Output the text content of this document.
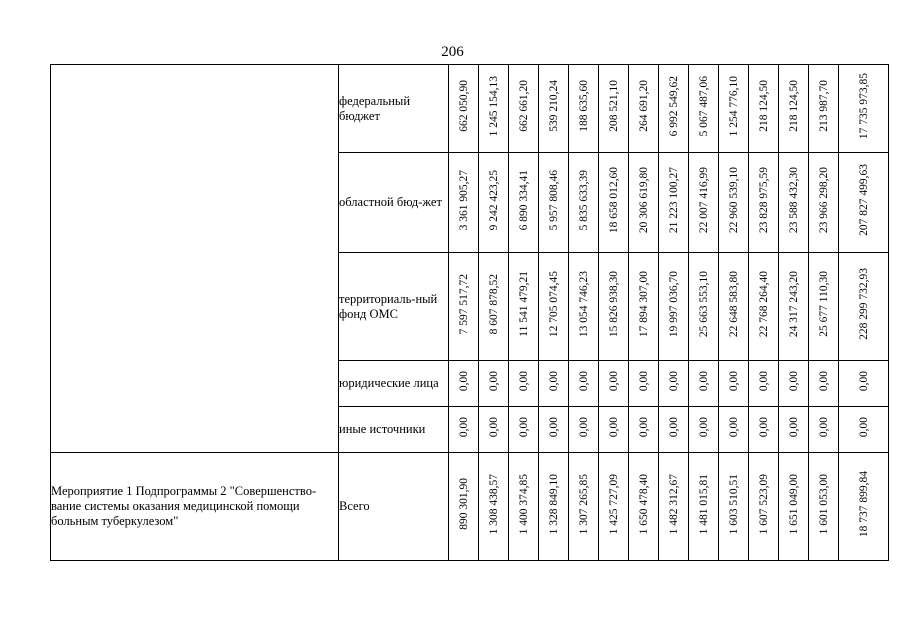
206
	федеральный бюджет	662 050,90	1 245 154,13	662 661,20	539 210,24	188 635,60	208 521,10	264 691,20	6 992 549,62	5 067 487,06	1 254 776,10	218 124,50	218 124,50	213 987,70	17 735 973,85
	областной бюд-жет	3 361 905,27	9 242 423,25	6 890 334,41	5 957 808,46	5 835 633,39	18 658 012,60	20 306 619,80	21 223 100,27	22 007 416,99	22 960 539,10	23 828 975,59	23 588 432,30	23 966 298,20	207 827 499,63
	территориаль-ный фонд ОМС	7 597 517,72	8 607 878,52	11 541 479,21	12 705 074,45	13 054 746,23	15 826 938,30	17 894 307,00	19 997 036,70	25 663 553,10	22 648 583,80	22 768 264,40	24 317 243,20	25 677 110,30	228 299 732,93
	юридические лица	0,00	0,00	0,00	0,00	0,00	0,00	0,00	0,00	0,00	0,00	0,00	0,00	0,00	0,00
	иные источники	0,00	0,00	0,00	0,00	0,00	0,00	0,00	0,00	0,00	0,00	0,00	0,00	0,00	0,00
Мероприятие 1 Подпрограммы 2 "Совершенство-вание системы оказания медицинской помощи больным туберкулезом"	Всего	890 301,90	1 308 438,57	1 400 374,85	1 328 849,10	1 307 265,85	1 425 727,09	1 650 478,40	1 482 312,67	1 481 015,81	1 603 510,51	1 607 523,09	1 651 049,00	1 601 053,00	18 737 899,84
